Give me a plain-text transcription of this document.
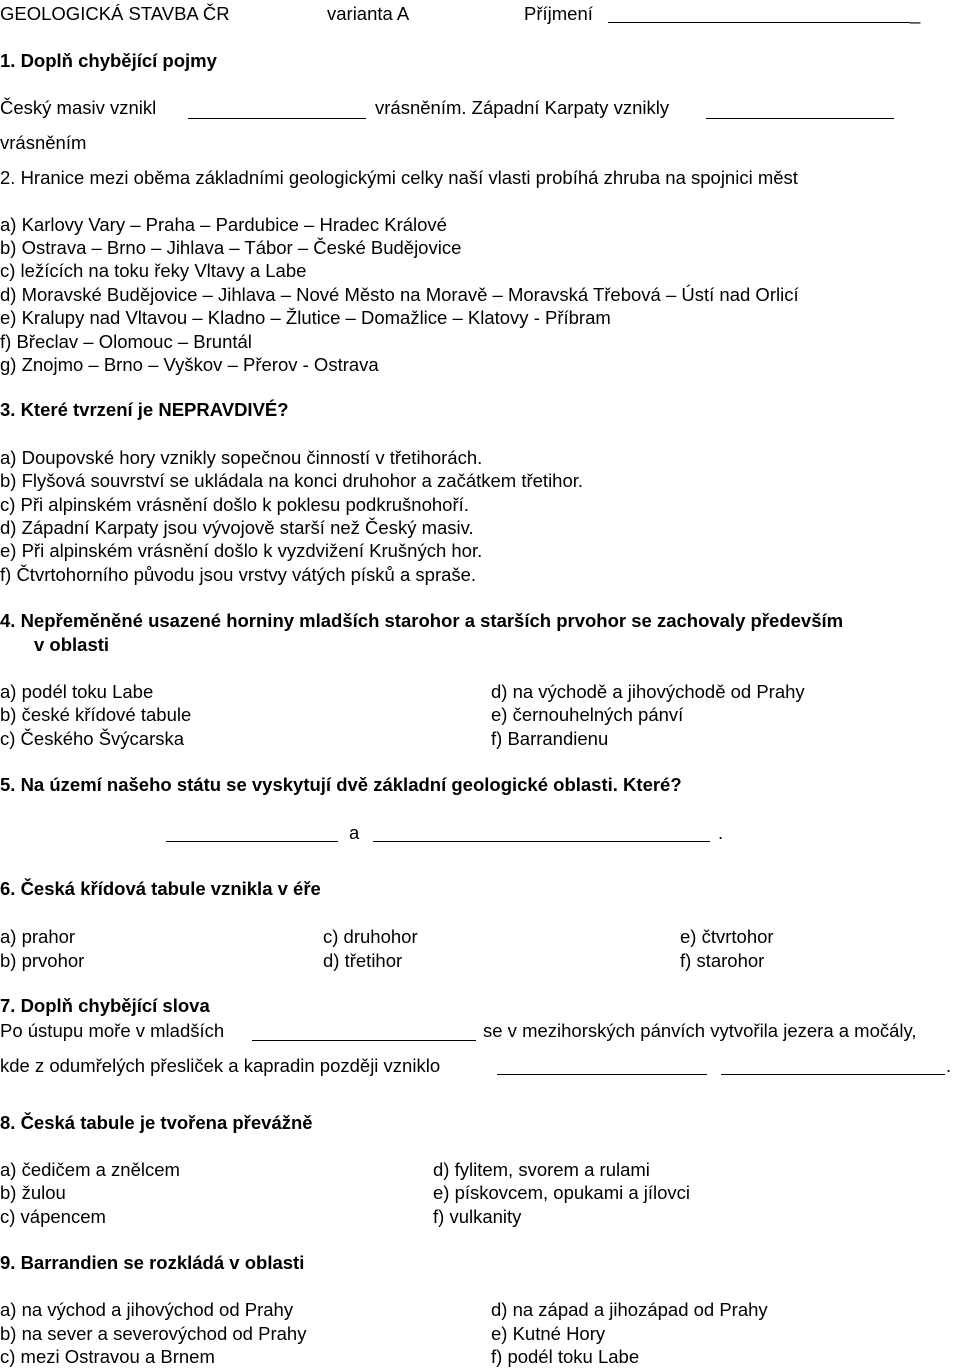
GEOLOGICKÁ STAVBA ČR	varianta A	Příjmení	_
1. Doplň chybějící pojmy
Český masiv vznikl	vrásněním. Západní Karpaty vznikly
vrásněním
2. Hranice mezi oběma základními geologickými celky naší vlasti probíhá zhruba na spojnici měst
a) Karlovy Vary – Praha – Pardubice – Hradec Králové
b) Ostrava – Brno – Jihlava – Tábor – České Budějovice
c) ležících na toku řeky Vltavy a Labe
d) Moravské Budějovice – Jihlava – Nové Město na Moravě – Moravská Třebová – Ústí nad Orlicí
e) Kralupy nad Vltavou – Kladno – Žlutice – Domažlice – Klatovy - Příbram
f) Břeclav – Olomouc – Bruntál
g) Znojmo – Brno – Vyškov – Přerov - Ostrava
3. Které tvrzení je NEPRAVDIVÉ?
a) Doupovské hory vznikly sopečnou činností v třetihorách.
b) Flyšová souvrství se ukládala na konci druhohor a začátkem třetihor.
c) Při alpinském vrásnění došlo k poklesu podkrušnohoří.
d) Západní Karpaty jsou vývojově starší než Český masiv.
e) Při alpinském vrásnění došlo k vyzdvižení Krušných hor.
f) Čtvrtohorního původu jsou vrstvy vátých písků a spraše.
4. Nepřeměněné usazené horniny mladších starohor a starších prvohor se zachovaly především
v oblasti
a) podél toku Labe
b) české křídové tabule
c) Českého Švýcarska
d) na východě a jihovýchodě od Prahy
e) černouhelných pánví
f) Barrandienu
5. Na území našeho státu se vyskytují dvě základní geologické oblasti. Které?
a	.
6. Česká křídová tabule vznikla v éře
a) prahor
b) prvohor
c) druhohor
d) třetihor
e) čtvrtohor
f) starohor
7. Doplň chybějící slova
Po ústupu moře v mladších	se v mezihorských pánvích vytvořila jezera a močály,
kde z odumřelých přesliček a kapradin později vzniklo	.
8. Česká tabule je tvořena převážně
a) čedičem a znělcem
b) žulou
c) vápencem
d) fylitem, svorem a rulami
e) pískovcem, opukami a jílovci
f) vulkanity
9. Barrandien se rozkládá v oblasti
a) na východ a jihovýchod od Prahy
b) na sever a severovýchod od Prahy
c) mezi Ostravou a Brnem
d) na západ a jihozápad od Prahy
e) Kutné Hory
f) podél toku Labe
